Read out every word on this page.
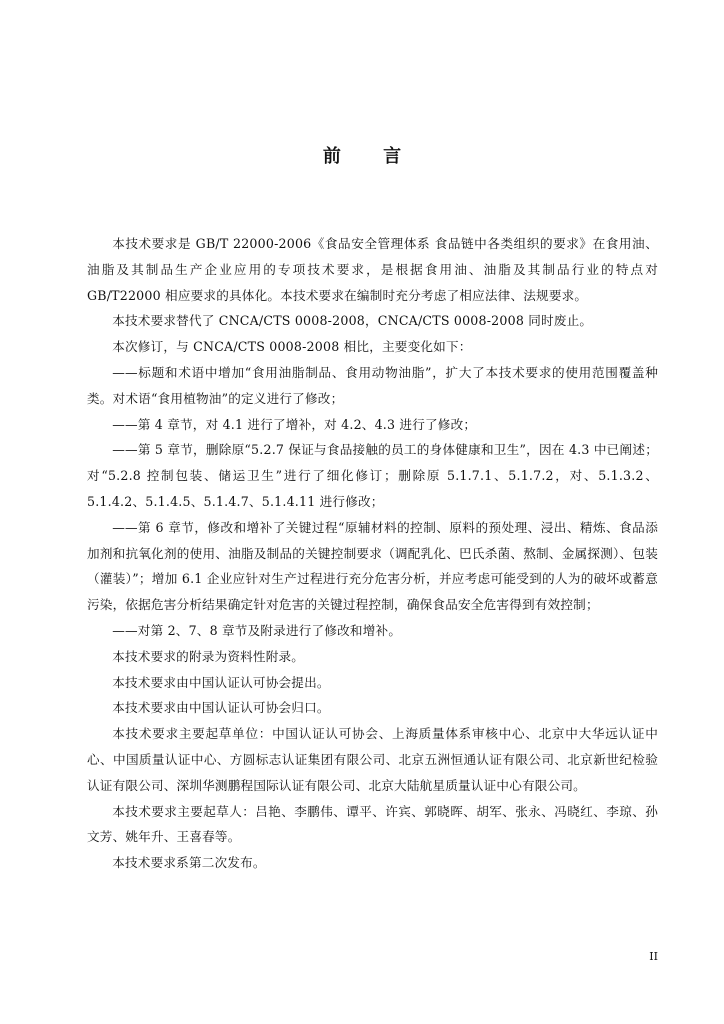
前 言

本技术要求是 GB/T 22000-2006《食品安全管理体系 食品链中各类组织的要求》在食用油、油脂及其制品生产企业应用的专项技术要求，是根据食用油、油脂及其制品行业的特点对 GB/T22000 相应要求的具体化。本技术要求在编制时充分考虑了相应法律、法规要求。

本技术要求替代了 CNCA/CTS 0008-2008，CNCA/CTS 0008-2008 同时废止。

本次修订，与 CNCA/CTS 0008-2008 相比，主要变化如下：

——标题和术语中增加“食用油脂制品、食用动物油脂”，扩大了本技术要求的使用范围覆盖种类。对术语“食用植物油”的定义进行了修改；

——第 4 章节，对 4.1 进行了增补，对 4.2、4.3 进行了修改；

——第 5 章节，删除原“5.2.7 保证与食品接触的员工的身体健康和卫生”，因在 4.3 中已阐述；对“5.2.8 控制包装、储运卫生”进行了细化修订；删除原 5.1.7.1、5.1.7.2，对、5.1.3.2、5.1.4.2、5.1.4.5、5.1.4.7、5.1.4.11 进行修改；

——第 6 章节，修改和增补了关键过程“原辅材料的控制、原料的预处理、浸出、精炼、食品添加剂和抗氧化剂的使用、油脂及制品的关键控制要求（调配乳化、巴氏杀菌、熬制、金属探测）、包装（灌装）”；增加 6.1 企业应针对生产过程进行充分危害分析，并应考虑可能受到的人为的破坏或蓄意污染，依据危害分析结果确定针对危害的关键过程控制，确保食品安全危害得到有效控制；

——对第 2、7、8 章节及附录进行了修改和增补。

本技术要求的附录为资料性附录。

本技术要求由中国认证认可协会提出。

本技术要求由中国认证认可协会归口。

本技术要求主要起草单位：中国认证认可协会、上海质量体系审核中心、北京中大华远认证中心、中国质量认证中心、方圆标志认证集团有限公司、北京五洲恒通认证有限公司、北京新世纪检验认证有限公司、深圳华测鹏程国际认证有限公司、北京大陆航星质量认证中心有限公司。

本技术要求主要起草人：吕艳、李鹏伟、谭平、许宾、郭晓晖、胡军、张永、冯晓红、李琼、孙文芳、姚年升、王喜春等。

本技术要求系第二次发布。

II
